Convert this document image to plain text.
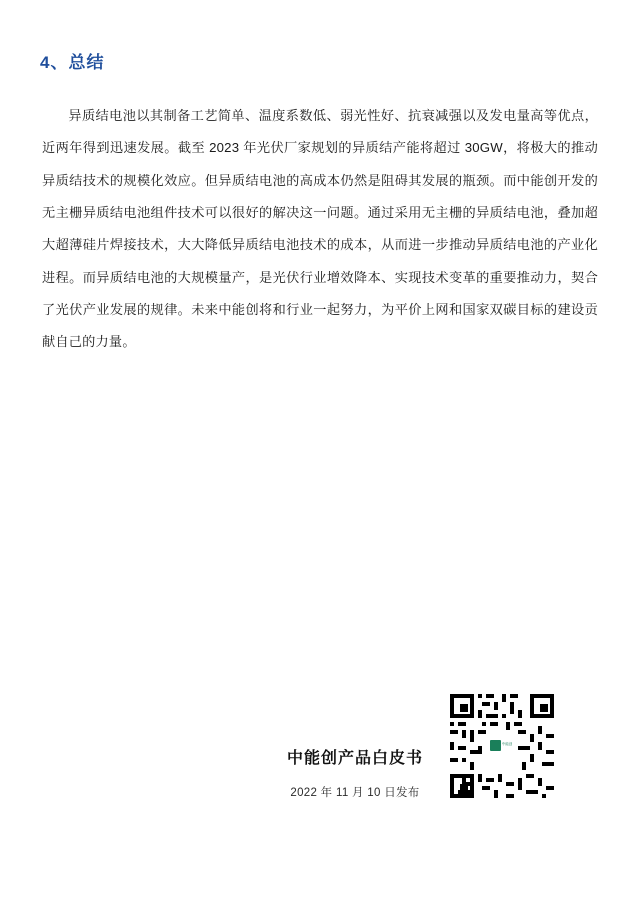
4、总结
异质结电池以其制备工艺简单、温度系数低、弱光性好、抗衰减强以及发电量高等优点，近两年得到迅速发展。截至 2023 年光伏厂家规划的异质结产能将超过 30GW，将极大的推动异质结技术的规模化效应。但异质结电池的高成本仍然是阻碍其发展的瓶颈。而中能创开发的无主栅异质结电池组件技术可以很好的解决这一问题。通过采用无主栅的异质结电池，叠加超大超薄硅片焊接技术，大大降低异质结电池技术的成本，从而进一步推动异质结电池的产业化进程。而异质结电池的大规模量产，是光伏行业增效降本、实现技术变革的重要推动力，契合了光伏产业发展的规律。未来中能创将和行业一起努力，为平价上网和国家双碳目标的建设贡献自己的力量。
中能创产品白皮书
2022 年 11 月 10 日发布
中能创
